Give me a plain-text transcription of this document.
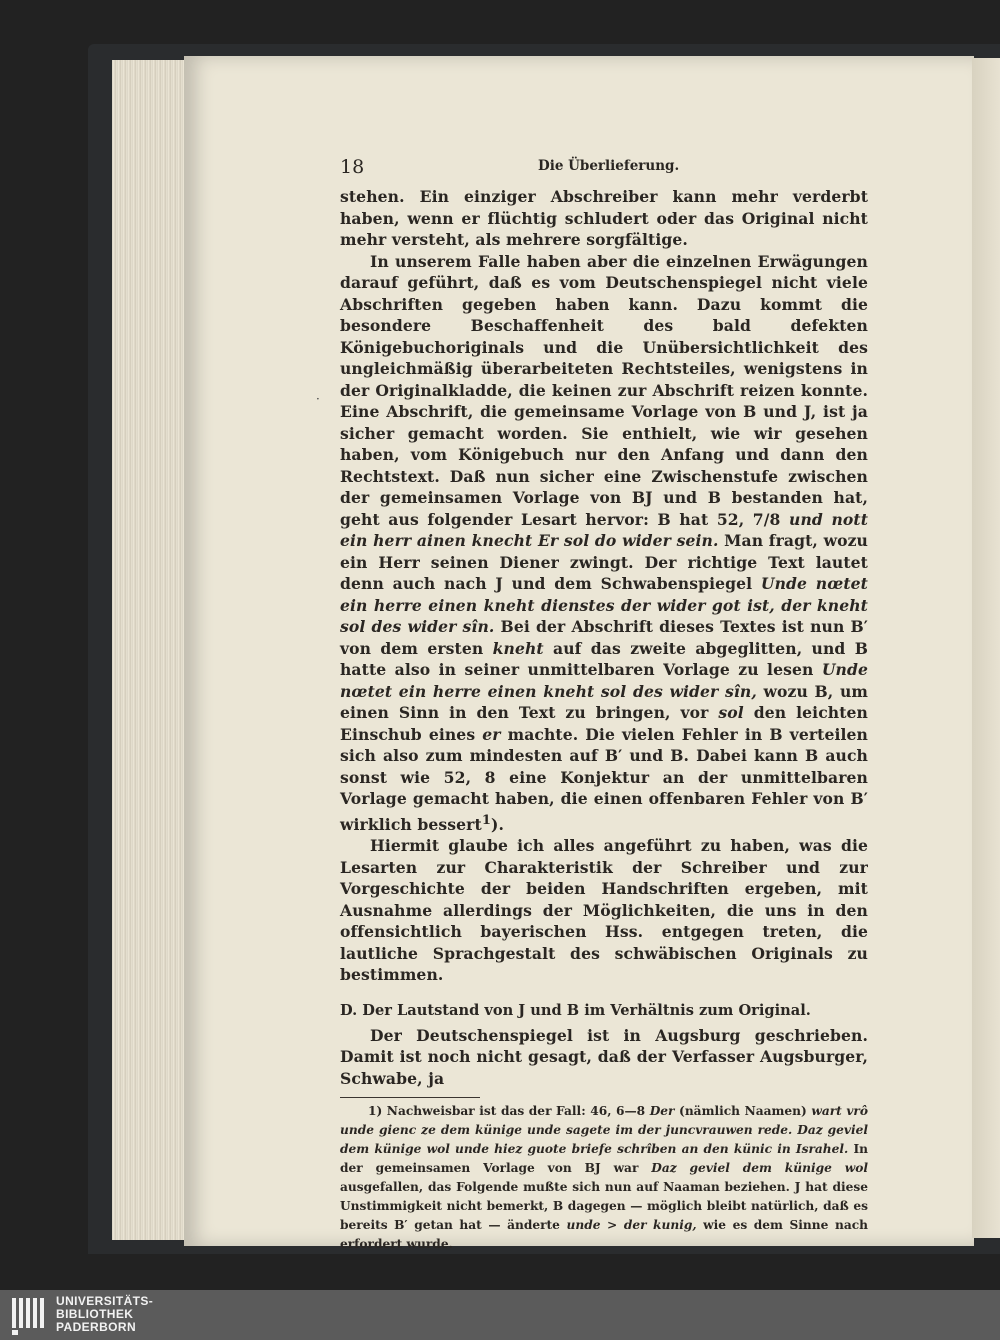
18	Die Überlieferung.

stehen. Ein einziger Abschreiber kann mehr verderbt haben, wenn er flüchtig schludert oder das Original nicht mehr versteht, als mehrere sorgfältige.

In unserem Falle haben aber die einzelnen Erwägungen darauf geführt, daß es vom Deutschenspiegel nicht viele Abschriften gegeben haben kann. Dazu kommt die besondere Beschaffenheit des bald defekten Königebuchoriginals und die Unübersichtlichkeit des ungleichmäßig überarbeiteten Rechtsteiles, wenigstens in der Originalkladde, die keinen zur Abschrift reizen konnte. Eine Abschrift, die gemeinsame Vorlage von B und J, ist ja sicher gemacht worden. Sie enthielt, wie wir gesehen haben, vom Königebuch nur den Anfang und dann den Rechtstext. Daß nun sicher eine Zwischenstufe zwischen der gemeinsamen Vorlage von BJ und B bestanden hat, geht aus folgender Lesart hervor: B hat 52, 7/8 und nott ein herr ainen knecht Er sol do wider sein. Man fragt, wozu ein Herr seinen Diener zwingt. Der richtige Text lautet denn auch nach J und dem Schwabenspiegel Unde nœtet ein herre einen kneht dienstes der wider got ist, der kneht sol des wider sîn. Bei der Abschrift dieses Textes ist nun B′ von dem ersten kneht auf das zweite abgeglitten, und B hatte also in seiner unmittelbaren Vorlage zu lesen Unde nœtet ein herre einen kneht sol des wider sîn, wozu B, um einen Sinn in den Text zu bringen, vor sol den leichten Einschub eines er machte. Die vielen Fehler in B verteilen sich also zum mindesten auf B′ und B. Dabei kann B auch sonst wie 52, 8 eine Konjektur an der unmittelbaren Vorlage gemacht haben, die einen offenbaren Fehler von B′ wirklich bessert$^1$).

Hiermit glaube ich alles angeführt zu haben, was die Lesarten zur Charakteristik der Schreiber und zur Vorgeschichte der beiden Handschriften ergeben, mit Ausnahme allerdings der Möglichkeiten, die uns in den offensichtlich bayerischen Hss. entgegen treten, die lautliche Sprachgestalt des schwäbischen Originals zu bestimmen.

D. Der Lautstand von J und B im Verhältnis zum Original.

Der Deutschenspiegel ist in Augsburg geschrieben. Damit ist noch nicht gesagt, daß der Verfasser Augsburger, Schwabe, ja

1) Nachweisbar ist das der Fall: 46, 6—8 Der (nämlich Naamen) wart vrô unde gienc ze dem künige unde sagete im der juncvrauwen rede. Daz geviel dem künige wol unde hiez guote briefe schrîben an den künic in Israhel. In der gemeinsamen Vorlage von BJ war Daz geviel dem künige wol ausgefallen, das Folgende mußte sich nun auf Naaman beziehen. J hat diese Unstimmigkeit nicht bemerkt, B dagegen — möglich bleibt natürlich, daß es bereits B′ getan hat — änderte unde > der kunig, wie es dem Sinne nach erfordert wurde.

UNIVERSITÄTS-
BIBLIOTHEK
PADERBORN
